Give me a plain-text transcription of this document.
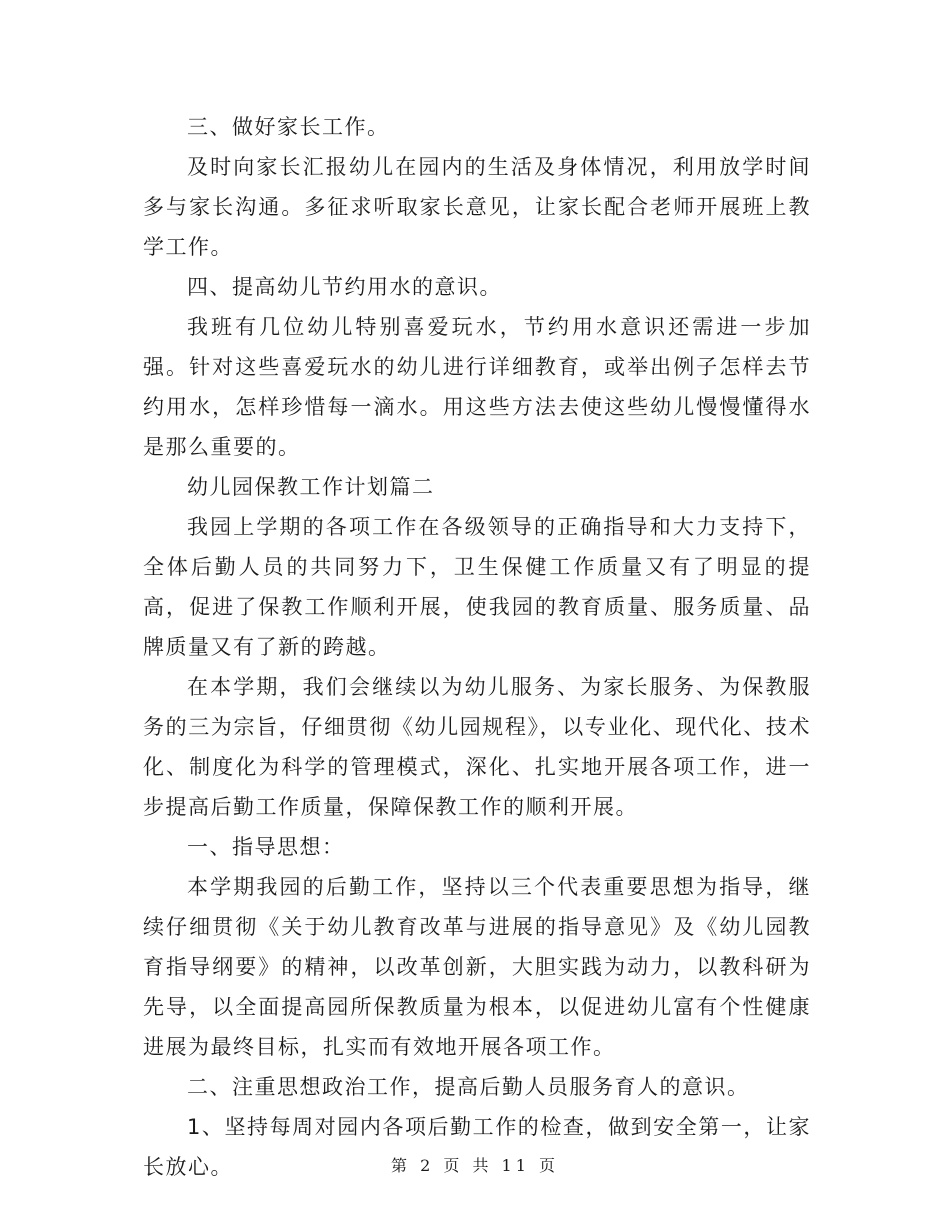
三、做好家长工作。

及时向家长汇报幼儿在园内的生活及身体情况，利用放学时间多与家长沟通。多征求听取家长意见，让家长配合老师开展班上教学工作。

四、提高幼儿节约用水的意识。

我班有几位幼儿特别喜爱玩水，节约用水意识还需进一步加强。针对这些喜爱玩水的幼儿进行详细教育，或举出例子怎样去节约用水，怎样珍惜每一滴水。用这些方法去使这些幼儿慢慢懂得水是那么重要的。

幼儿园保教工作计划篇二

我园上学期的各项工作在各级领导的正确指导和大力支持下，全体后勤人员的共同努力下，卫生保健工作质量又有了明显的提高，促进了保教工作顺利开展，使我园的教育质量、服务质量、品牌质量又有了新的跨越。

在本学期，我们会继续以为幼儿服务、为家长服务、为保教服务的三为宗旨，仔细贯彻《幼儿园规程》，以专业化、现代化、技术化、制度化为科学的管理模式，深化、扎实地开展各项工作，进一步提高后勤工作质量，保障保教工作的顺利开展。

一、指导思想：

本学期我园的后勤工作，坚持以三个代表重要思想为指导，继续仔细贯彻《关于幼儿教育改革与进展的指导意见》及《幼儿园教育指导纲要》的精神，以改革创新，大胆实践为动力，以教科研为先导，以全面提高园所保教质量为根本，以促进幼儿富有个性健康进展为最终目标，扎实而有效地开展各项工作。

二、注重思想政治工作，提高后勤人员服务育人的意识。

1、坚持每周对园内各项后勤工作的检查，做到安全第一，让家长放心。	第 2 页 共 11 页
